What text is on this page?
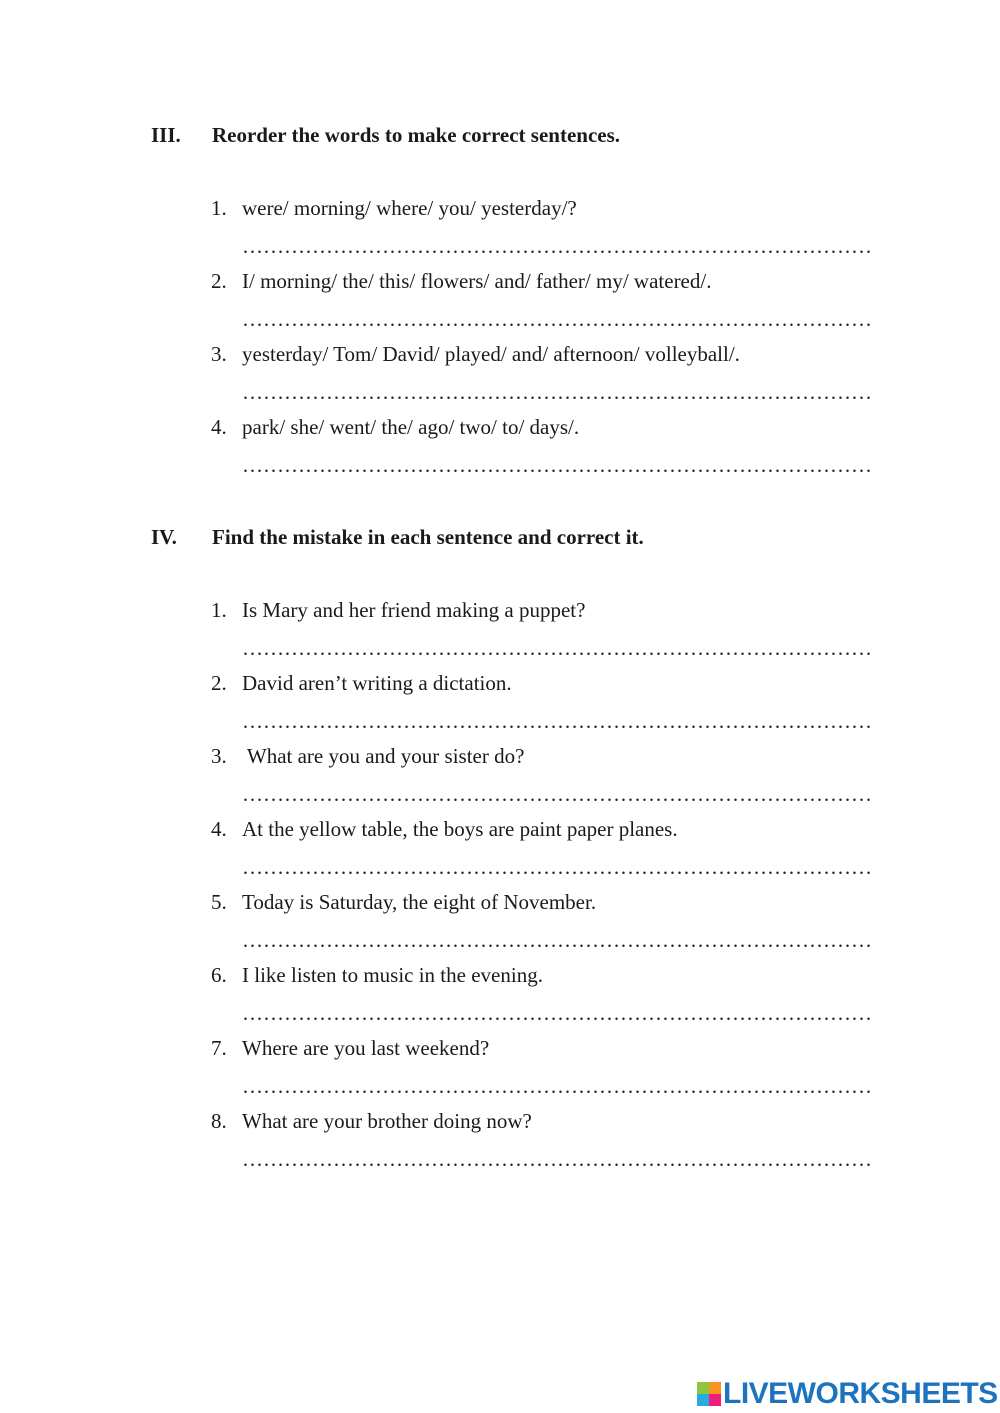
III. Reorder the words to make correct sentences.
1. were/ morning/ where/ you/ yesterday/?
………………………………………………………………………………
2. I/ morning/ the/ this/ flowers/ and/ father/ my/ watered/.
………………………………………………………………………………
3. yesterday/ Tom/ David/ played/ and/ afternoon/ volleyball/.
………………………………………………………………………………
4. park/ she/ went/ the/ ago/ two/ to/ days/.
………………………………………………………………………………
IV. Find the mistake in each sentence and correct it.
1. Is Mary and her friend making a puppet?
………………………………………………………………………………
2. David aren’t writing a dictation.
………………………………………………………………………………
3. What are you and your sister do?
………………………………………………………………………………
4. At the yellow table, the boys are paint paper planes.
………………………………………………………………………………
5. Today is Saturday, the eight of November.
………………………………………………………………………………
6. I like listen to music in the evening.
………………………………………………………………………………
7. Where are you last weekend?
………………………………………………………………………………
8. What are your brother doing now?
………………………………………………………………………………
LIVEWORKSHEETS
